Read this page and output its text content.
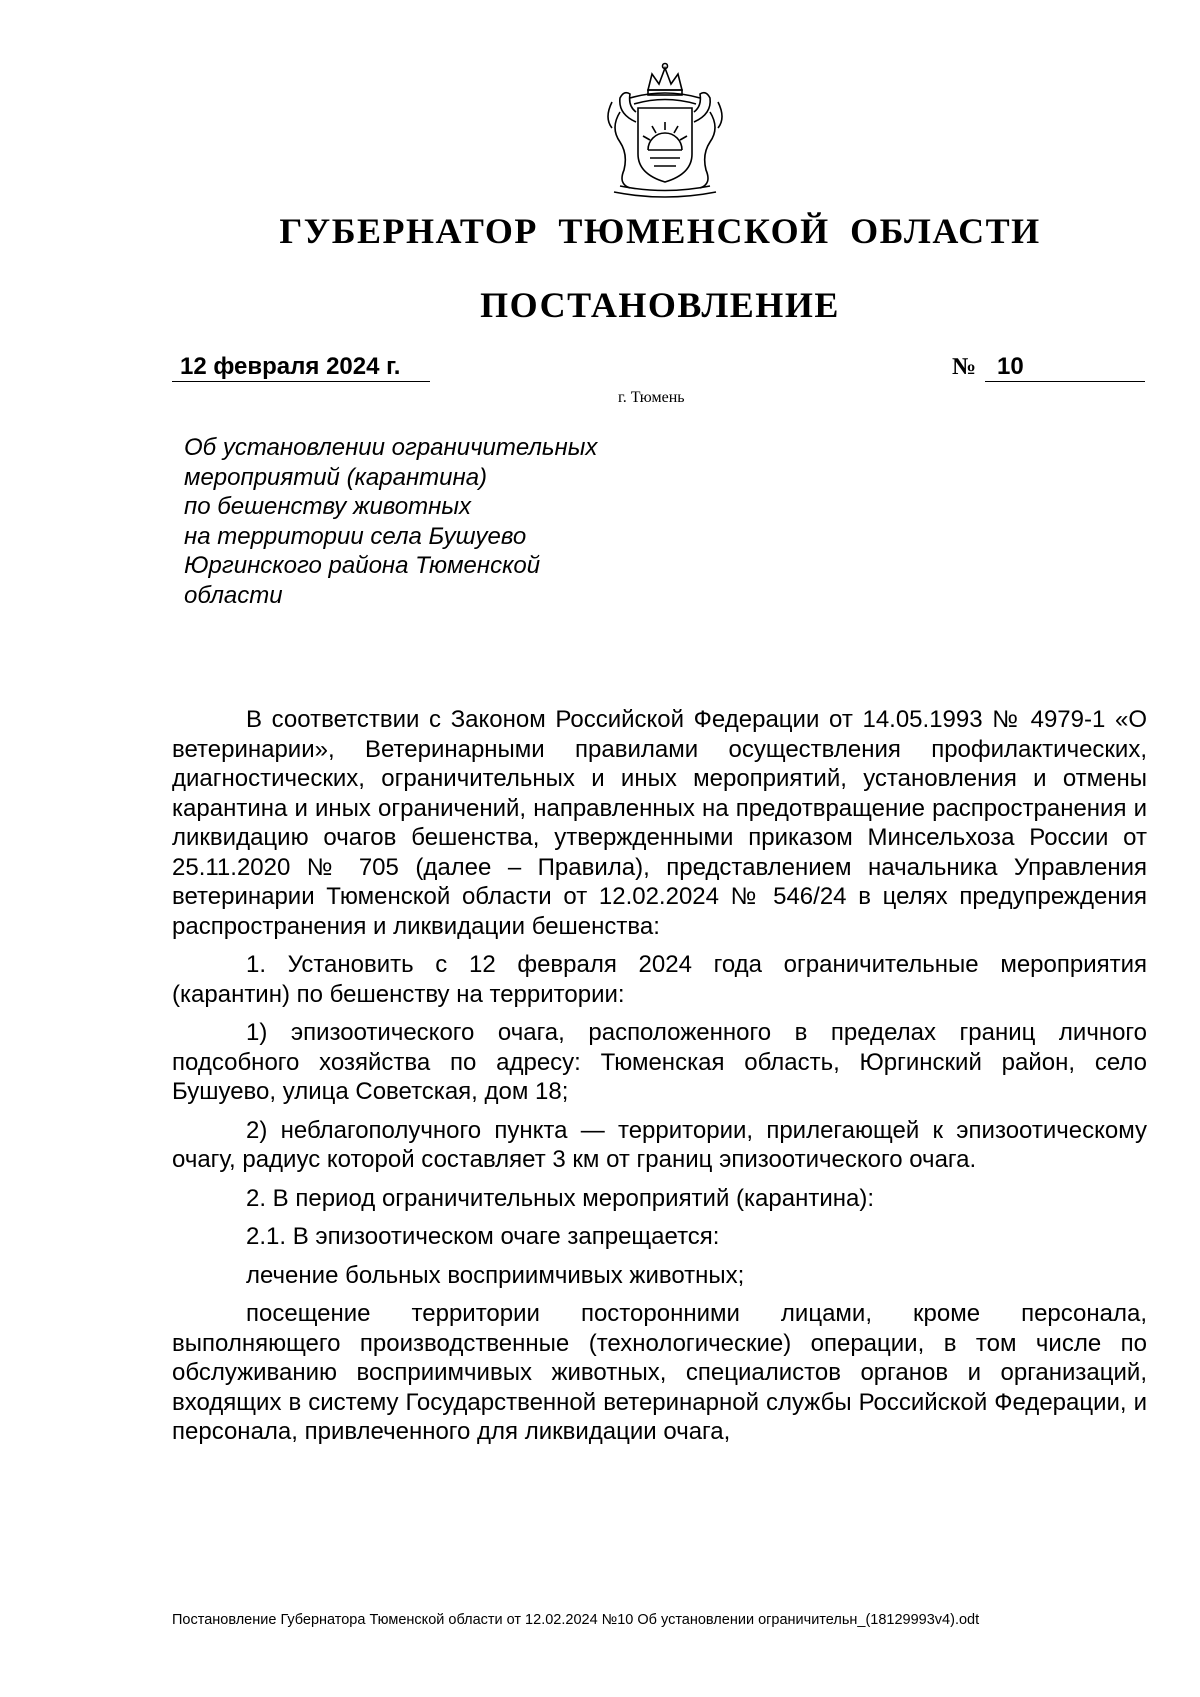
ГУБЕРНАТОР ТЮМЕНСКОЙ ОБЛАСТИ
ПОСТАНОВЛЕНИЕ
12 февраля 2024 г.	№ 10
г. Тюмень
Об установлении ограничительных
мероприятий (карантина)
по бешенству животных
на территории села Бушуево
Юргинского района Тюменской
области

В соответствии с Законом Российской Федерации от 14.05.1993 № 4979-1 «О ветеринарии», Ветеринарными правилами осуществления профилактических, диагностических, ограничительных и иных мероприятий, установления и отмены карантина и иных ограничений, направленных на предотвращение распространения и ликвидацию очагов бешенства, утвержденными приказом Минсельхоза России от 25.11.2020 № 705 (далее – Правила), представлением начальника Управления ветеринарии Тюменской области от 12.02.2024 № 546/24 в целях предупреждения распространения и ликвидации бешенства:

1. Установить с 12 февраля 2024 года ограничительные мероприятия (карантин) по бешенству на территории:

1) эпизоотического очага, расположенного в пределах границ личного подсобного хозяйства по адресу: Тюменская область, Юргинский район, село Бушуево, улица Советская, дом 18;

2) неблагополучного пункта — территории, прилегающей к эпизоотическому очагу, радиус которой составляет 3 км от границ эпизоотического очага.

2. В период ограничительных мероприятий (карантина):

2.1. В эпизоотическом очаге запрещается:

лечение больных восприимчивых животных;

посещение территории посторонними лицами, кроме персонала, выполняющего производственные (технологические) операции, в том числе по обслуживанию восприимчивых животных, специалистов органов и организаций, входящих в систему Государственной ветеринарной службы Российской Федерации, и персонала, привлеченного для ликвидации очага,

Постановление Губернатора Тюменской области от 12.02.2024 №10 Об установлении ограничительн_(18129993v4).odt
